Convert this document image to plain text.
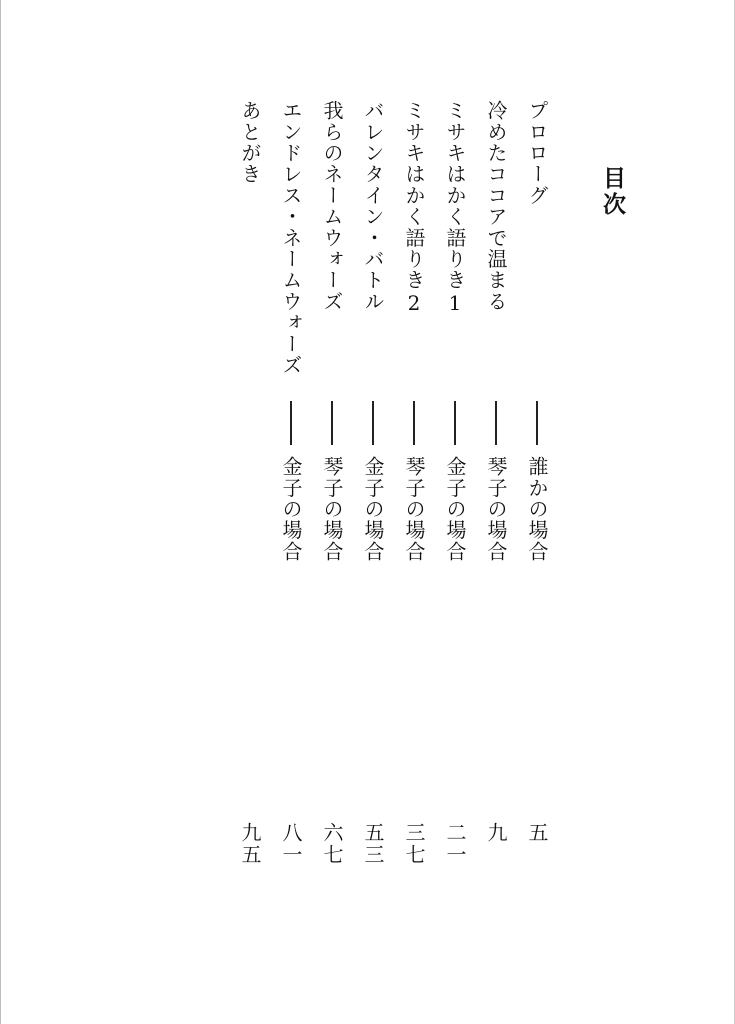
目次
プロローグ
誰かの場合
五
冷めたココアで温まる
琴子の場合
九
ミサキはかく語りき1
金子の場合
二一
ミサキはかく語りき2
琴子の場合
三七
バレンタイン・バトル
金子の場合
五三
我らのネームウォーズ
琴子の場合
六七
エンドレス・ネームウォーズ
金子の場合
八一
あとがき
九五
